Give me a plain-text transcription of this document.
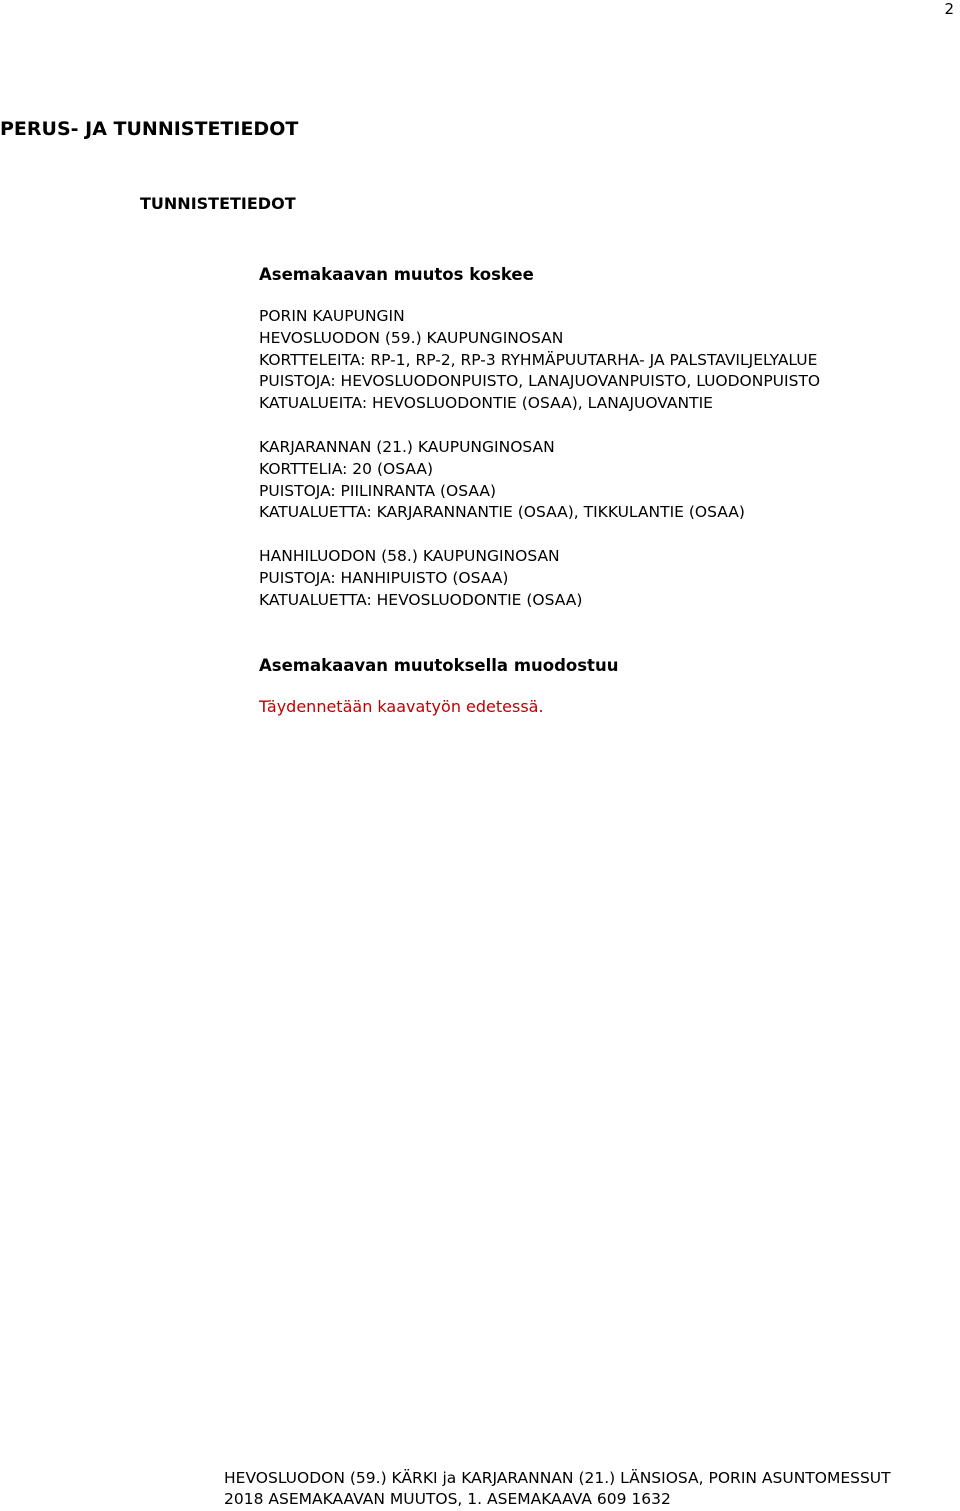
2
PERUS- JA TUNNISTETIEDOT
TUNNISTETIEDOT
Asemakaavan muutos koskee
PORIN KAUPUNGIN
HEVOSLUODON (59.) KAUPUNGINOSAN
KORTTELEITA: RP-1, RP-2, RP-3 RYHMÄPUUTARHA- JA PALSTAVILJELYALUE
PUISTOJA: HEVOSLUODONPUISTO, LANAJUOVANPUISTO, LUODONPUISTO
KATUALUEITA: HEVOSLUODONTIE (OSAA), LANAJUOVANTIE
KARJARANNAN (21.) KAUPUNGINOSAN
KORTTELIA: 20 (OSAA)
PUISTOJA: PIILINRANTA (OSAA)
KATUALUETTA: KARJARANNANTIE (OSAA), TIKKULANTIE (OSAA)
HANHILUODON (58.) KAUPUNGINOSAN
PUISTOJA: HANHIPUISTO (OSAA)
KATUALUETTA: HEVOSLUODONTIE (OSAA)
Asemakaavan muutoksella muodostuu
Täydennetään kaavatyön edetessä.
HEVOSLUODON (59.) KÄRKI ja KARJARANNAN (21.) LÄNSIOSA, PORIN ASUNTOMESSUT
2018 ASEMAKAAVAN MUUTOS, 1. ASEMAKAAVA 609 1632
